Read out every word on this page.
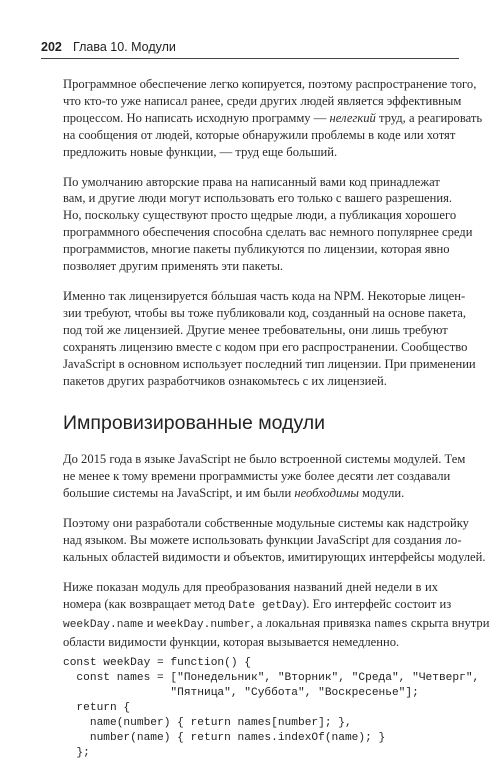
202 Глава 10. Модули

Программное обеспечение легко копируется, поэтому распространение того,
что кто-то уже написал ранее, среди других людей является эффективным
процессом. Но написать исходную программу — нелегкий труд, а реагировать
на сообщения от людей, которые обнаружили проблемы в коде или хотят
предложить новые функции, — труд еще больший.

По умолчанию авторские права на написанный вами код принадлежат
вам, и другие люди могут использовать его только с вашего разрешения.
Но, поскольку существуют просто щедрые люди, а публикация хорошего
программного обеспечения способна сделать вас немного популярнее среди
программистов, многие пакеты публикуются по лицензии, которая явно
позволяет другим применять эти пакеты.

Именно так лицензируется бóльшая часть кода на NPM. Некоторые лицен-
зии требуют, чтобы вы тоже публиковали код, созданный на основе пакета,
под той же лицензией. Другие менее требовательны, они лишь требуют
сохранять лицензию вместе с кодом при его распространении. Сообщество
JavaScript в основном использует последний тип лицензии. При применении
пакетов других разработчиков ознакомьтесь с их лицензией.

Импровизированные модули

До 2015 года в языке JavaScript не было встроенной системы модулей. Тем
не менее к тому времени программисты уже более десяти лет создавали
большие системы на JavaScript, и им были необходимы модули.

Поэтому они разработали собственные модульные системы как надстройку
над языком. Вы можете использовать функции JavaScript для создания ло-
кальных областей видимости и объектов, имитирующих интерфейсы модулей.

Ниже показан модуль для преобразования названий дней недели в их
номера (как возвращает метод Date getDay). Его интерфейс состоит из
weekDay.name и weekDay.number, а локальная привязка names скрыта внутри
области видимости функции, которая вызывается немедленно.

const weekDay = function() {
const names = ["Понедельник", "Вторник", "Среда", "Четверг",
"Пятница", "Суббота", "Воскресенье"];
return {
name(number) { return names[number]; },
number(name) { return names.indexOf(name); }
};
